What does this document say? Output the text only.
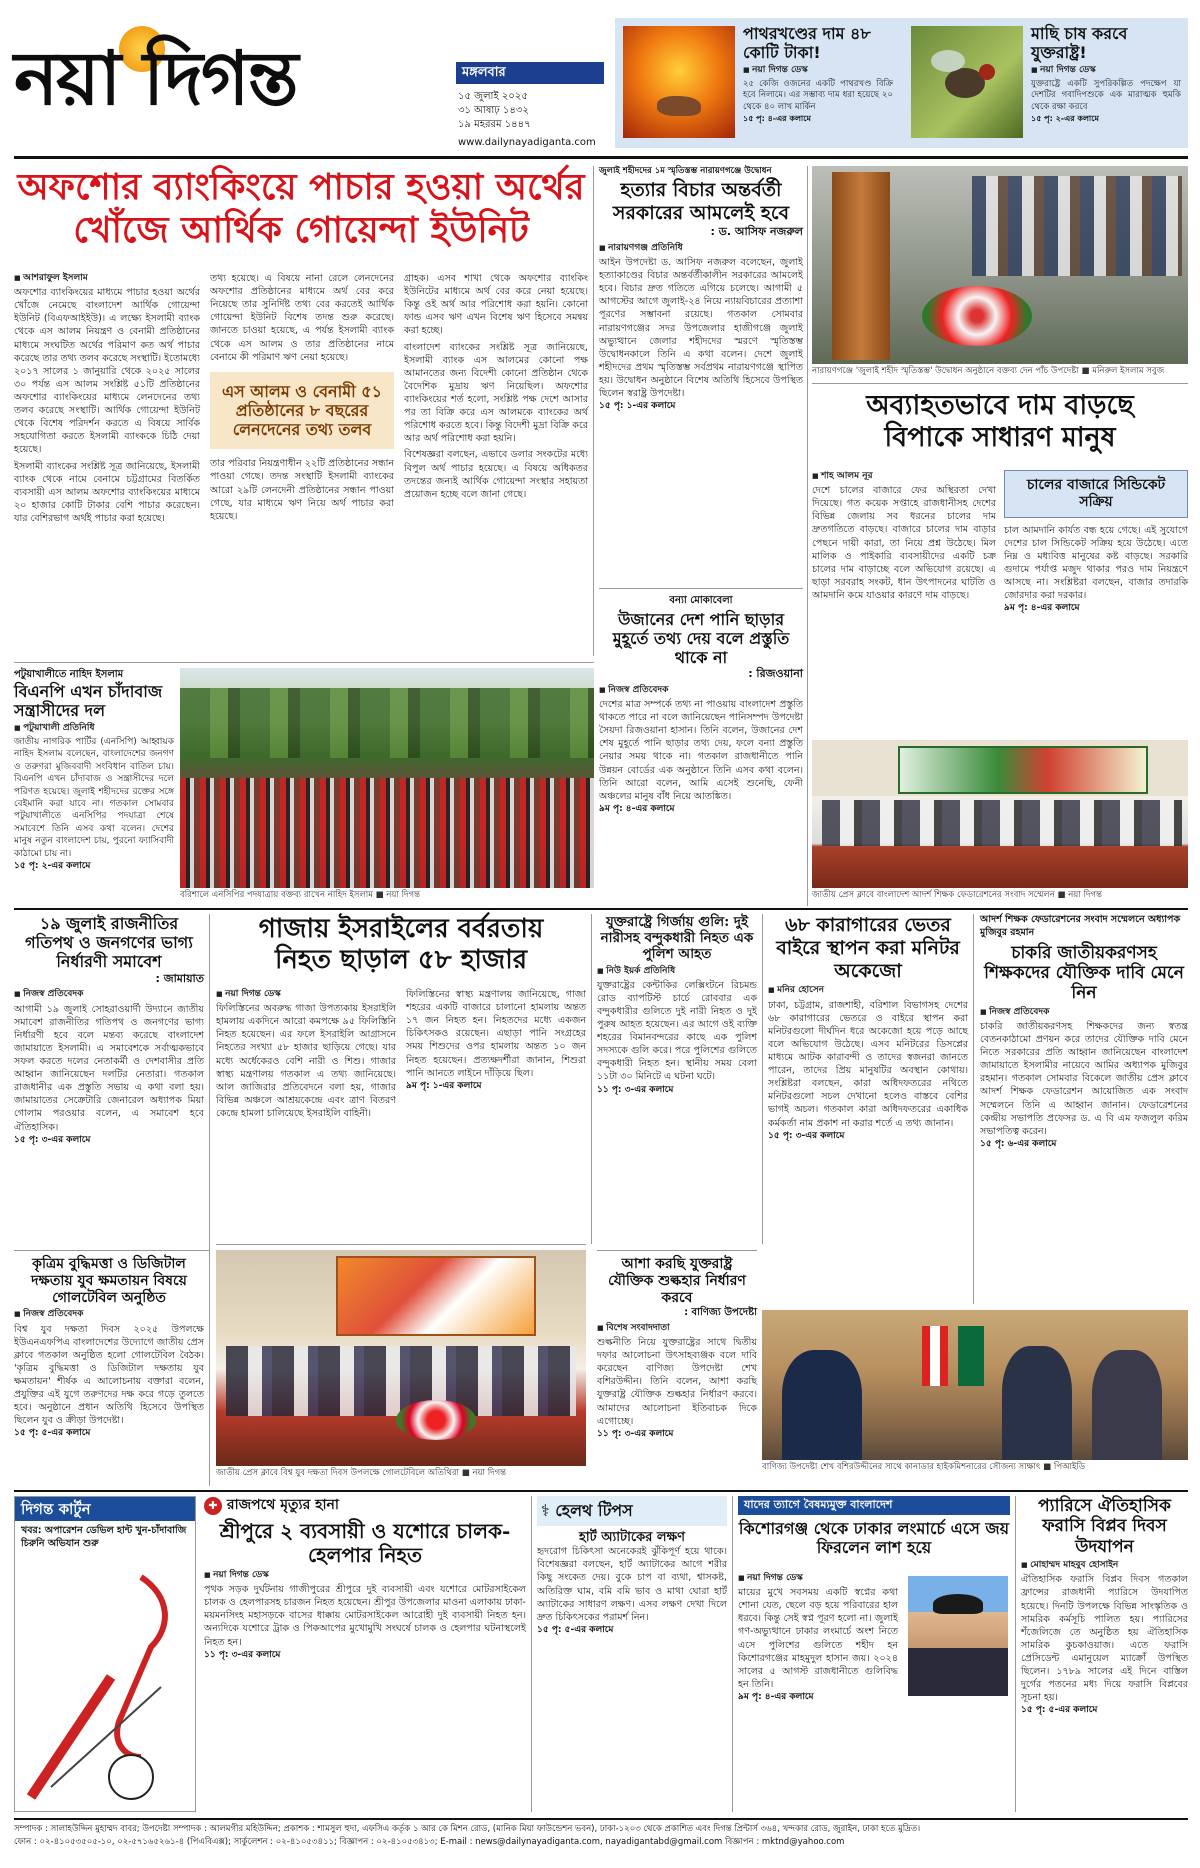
নয়া দিগন্ত	মঙ্গলবার
১৫ জুলাই ২০২৫
৩১ আষাঢ় ১৪৩২
১৯ মহররম ১৪৪৭
www.dailynayadiganta.com
পাথরখণ্ডের দাম ৪৮ কোটি টাকা!
■ নয়া দিগন্ত ডেস্ক
২৫ কেজি ওজনের একটি পাথরখণ্ড বিক্রি হবে নিলামে। এর সম্ভাব্য দাম ধরা হয়েছে ২০ থেকে ৪০ লাখ মার্কিন
১৫ পৃ: ৪-এর কলামে
মাছি চাষ করবে যুক্তরাষ্ট্র!
■ নয়া দিগন্ত ডেস্ক
যুক্তরাষ্ট্রে একটি সুপরিকল্পিত পদক্ষেপ যা দেশটির গবাদিপশুকে এক মারাত্মক হুমকি থেকে রক্ষা করবে
১৫ পৃ: ২-এর কলামে
অফশোর ব্যাংকিংয়ে পাচার হওয়া অর্থের
খোঁজে আর্থিক গোয়েন্দা ইউনিট
■ আশরাফুল ইসলাম
অফশোর ব্যাংকিংয়ের মাধ্যমে পাচার হওয়া অর্থের খোঁজে নেমেছে বাংলাদেশ আর্থিক গোয়েন্দা ইউনিট (বিএফআইইউ)। এ লক্ষ্যে ইসলামী ব্যাংক থেকে এস আলম নিয়ন্ত্রণ ও বেনামী প্রতিষ্ঠানের মাধ্যমে সংঘটিত অর্থের পরিমাণ কত অর্থ পাচার করেছে তার তথ্য তলব করেছে সংস্থাটি। ইতোমধ্যে ২০১৭ সালের ১ জানুয়ারি থেকে ২০২৫ সালের ৩০ পর্যন্ত এস আলম সংশ্লিষ্ট ৫১টি প্রতিষ্ঠানের অফশোর ব্যাংকিংয়ের মাধ্যমে লেনদেনের তথ্য তলব করেছে সংস্থাটি। আর্থিক গোয়েন্দা ইউনিট থেকে বিশেষ পরিদর্শন করতে এ বিষয়ে সার্বিক সহযোগিতা করতে ইসলামী ব্যাংককে চিঠি দেয়া হয়েছে।
ইসলামী ব্যাংকের সংশ্লিষ্ট সূত্র জানিয়েছে, ইসলামী ব্যাংক থেকে নামে বেনামে চট্টগ্রামের বিতর্কিত ব্যবসায়ী এস আলম অফশোর ব্যাংকিংয়ের মাধ্যমে ২০ হাজার কোটি টাকার বেশি পাচার করেছেন। যার বেশিরভাগ অর্থই পাচার করা হয়েছে।
তথ্য হয়েছে। এ বিষয়ে নানা রেলে লেনদেনের অফশোর প্রতিষ্ঠানের মাধ্যমে অর্থ বের করে নিয়েছে তার সুনির্দিষ্ট তথ্য বের করতেই আর্থিক গোয়েন্দা ইউনিট বিশেষ তদন্ত শুরু করেছে। জানতে চাওয়া হয়েছে, এ পর্যন্ত ইসলামী ব্যাংক থেকে এস আলম ও তার প্রতিষ্ঠানের নামে বেনামে কী পরিমাণ ঋণ নেয়া হয়েছে।
এস আলম ও বেনামী ৫১ প্রতিষ্ঠানের ৮ বছরের লেনদেনের তথ্য তলব
তার পরিবার নিয়ন্ত্রণাধীন ২২টি প্রতিষ্ঠানের সন্ধান পাওয়া গেছে। তদন্ত সংস্থাটি ইসলামী ব্যাংকের আরো ২৯টি লেনদেনী প্রতিষ্ঠানের সন্ধান পাওয়া গেছে, যার মাধ্যমে ঋণ নিয়ে অর্থ পাচার করা হয়েছে।
গ্রাহক। এসব শাখা থেকে অফশোর ব্যাংকিং ইউনিটের মাধ্যমে অর্থ বের করে নেয়া হয়েছে। কিন্তু ওই অর্থ আর পরিশোধ করা হয়নি। কোনো ফান্ড এসব ঋণ এখন বিশেষ ঋণ হিসেবে সমন্বয় করা হচ্ছে।
বাংলাদেশ ব্যাংকের সংশ্লিষ্ট সূত্র জানিয়েছে, ইসলামী ব্যাংক এস আলমের কোনো পক্ষ আমানতের জন্য বিদেশী কোনো প্রতিষ্ঠান থেকে বৈদেশিক মুদ্রায় ঋণ নিয়েছিল। অফশোর ব্যাংকিংয়ের শর্ত হলো, সংশ্লিষ্ট পক্ষ দেশে আসার পর তা বিক্রি করে এস আলমকে ব্যাংকের অর্থ পরিশোধ করতে হবে। কিন্তু বিদেশী মুদ্রা বিক্রি করে আর অর্থ পরিশোধ করা হয়নি।
বিশেষজ্ঞরা বলছেন, এভাবে ডলার সংকটের মধ্যে বিপুল অর্থ পাচার হয়েছে। এ বিষয়ে অধিকতর তদন্তের জন্যই আর্থিক গোয়েন্দা সংস্থার সহায়তা প্রয়োজন হচ্ছে বলে জানা গেছে।
জুলাই শহীদদের ১ম স্মৃতিস্তম্ভ নারায়ণগঞ্জে উদ্বোধন
হত্যার বিচার অন্তর্বর্তী সরকারের আমলেই হবে
: ড. আসিফ নজরুল
■ নারায়ণগঞ্জ প্রতিনিধি
আইন উপদেষ্টা ড. আসিফ নজরুল বলেছেন, জুলাই হত্যাকাণ্ডের বিচার অন্তর্বর্তীকালীন সরকারের আমলেই হবে। বিচার দ্রুত গতিতে এগিয়ে চলেছে। আগামী ৫ আগস্টের আগে জুলাই-২৪ নিয়ে ন্যায়বিচারের প্রত্যাশা পূরণের সম্ভাবনা রয়েছে। গতকাল সোমবার নারায়ণগঞ্জের সদর উপজেলার হাজীগঞ্জে জুলাই অভ্যুত্থানে জেলার শহীদদের স্মরণে স্মৃতিস্তম্ভ উদ্বোধনকালে তিনি এ কথা বলেন। দেশে জুলাই শহীদদের প্রথম স্মৃতিস্তম্ভ সর্বপ্রথম নারায়ণগঞ্জে স্থাপিত হয়। উদ্বোধন অনুষ্ঠানে বিশেষ অতিথি হিসেবে উপস্থিত ছিলেন স্বরাষ্ট্র উপদেষ্টা।
১৫ পৃ: ১-এর কলামে
নারায়ণগঞ্জে 'জুলাই শহীদ স্মৃতিস্তম্ভ' উদ্বোধন অনুষ্ঠানে বক্তব্য দেন পাঁচ উপদেষ্টা ■ মনিরুল ইসলাম সবুজ
অব্যাহতভাবে দাম বাড়ছে
বিপাকে সাধারণ মানুষ
■ শাহ আলম নূর
দেশে চালের বাজারে ফের অস্থিরতা দেখা দিয়েছে। গত কয়েক সপ্তাহে রাজধানীসহ দেশের বিভিন্ন জেলায় সব ধরনের চালের দাম দ্রুতগতিতে বাড়ছে। বাজারে চালের দাম বাড়ার পেছনে দায়ী কারা, তা নিয়ে প্রশ্ন উঠেছে। মিল মালিক ও পাইকারি ব্যবসায়ীদের একটি চক্র চালের দাম বাড়াচ্ছে বলে অভিযোগ রয়েছে। এ ছাড়া সরবরাহ সংকট, ধান উৎপাদনের ঘাটতি ও আমদানি কমে যাওয়ার কারণে দাম বাড়ছে।
চালের বাজারে সিন্ডিকেট সক্রিয়
চাল আমদানি কার্যত বন্ধ হয়ে গেছে। এই সুযোগে দেশের চাল সিন্ডিকেট সক্রিয় হয়ে উঠেছে। এতে নিম্ন ও মধ্যবিত্ত মানুষের কষ্ট বাড়ছে। সরকারি গুদামে পর্যাপ্ত মজুদ থাকার পরও দাম নিয়ন্ত্রণে আসছে না। সংশ্লিষ্টরা বলছেন, বাজার তদারকি জোরদার করা দরকার।
৯ম পৃ: ৪-এর কলামে
বন্যা মোকাবেলা
উজানের দেশ পানি ছাড়ার মুহূর্তে তথ্য দেয় বলে প্রস্তুতি থাকে না
: রিজওয়ানা
■ নিজস্ব প্রতিবেদক
দেশের মাত্র সম্পর্কে তথ্য না পাওয়ায় বাংলাদেশ প্রস্তুতি থাকতে পারে না বলে জানিয়েছেন পানিসম্পদ উপদেষ্টা সৈয়দা রিজওয়ানা হাসান। তিনি বলেন, উজানের দেশ শেষ মুহূর্তে পানি ছাড়ার তথ্য দেয়, ফলে বন্যা প্রস্তুতি নেয়ার সময় থাকে না। গতকাল রাজধানীতে পানি উন্নয়ন বোর্ডের এক অনুষ্ঠানে তিনি এসব কথা বলেন। তিনি আরো বলেন, আমি এসেই শুনেছি, ফেনী অঞ্চলের মানুষ বাঁধ নিয়ে আতঙ্কিত।
৯ম পৃ: ৪-এর কলামে
পটুয়াখালীতে নাহিদ ইসলাম
বিএনপি এখন চাঁদাবাজ সন্ত্রাসীদের দল
■ পটুয়াখালী প্রতিনিধি
জাতীয় নাগরিক পার্টির (এনসিপি) আহ্বায়ক নাহিদ ইসলাম বলেছেন, বাংলাদেশের জনগণ ও তরুণরা মুজিববাদী সংবিধান বাতিল চায়। বিএনপি এখন চাঁদাবাজ ও সন্ত্রাসীদের দলে পরিণত হয়েছে। জুলাই শহীদদের রক্তের সঙ্গে বেইমানি করা যাবে না। গতকাল সোমবার পটুয়াখালীতে এনসিপির পদযাত্রা শেষে সমাবেশে তিনি এসব কথা বলেন। দেশের মানুষ নতুন বাংলাদেশ চায়, পুরনো ফ্যাসিবাদী কাঠামো চায় না।
১৫ পৃ: ২-এর কলামে
বরিশালে এনসিপির পদযাত্রায় বক্তব্য রাখেন নাহিদ ইসলাম ■ নয়া দিগন্ত	জাতীয় প্রেস ক্লাবে বাংলাদেশ আদর্শ শিক্ষক ফেডারেশনের সংবাদ সম্মেলন ■ নয়া দিগন্ত
১৯ জুলাই রাজনীতির গতিপথ ও জনগণের ভাগ্য নির্ধারণী সমাবেশ
: জামায়াত
■ নিজস্ব প্রতিবেদক
আগামী ১৯ জুলাই সোহরাওয়ার্দী উদ্যানে জাতীয় সমাবেশ রাজনীতির গতিপথ ও জনগণের ভাগ্য নির্ধারণী হবে বলে মন্তব্য করেছে বাংলাদেশ জামায়াতে ইসলামী। এ সমাবেশকে সর্বাত্মকভাবে সফল করতে দলের নেতাকর্মী ও দেশবাসীর প্রতি আহ্বান জানিয়েছেন দলটির নেতারা। গতকাল রাজধানীর এক প্রস্তুতি সভায় এ কথা বলা হয়। জামায়াতের সেক্রেটারি জেনারেল অধ্যাপক মিয়া গোলাম পরওয়ার বলেন, এ সমাবেশ হবে ঐতিহাসিক।
১৫ পৃ: ৩-এর কলামে
গাজায় ইসরাইলের বর্বরতায়
নিহত ছাড়াল ৫৮ হাজার
■ নয়া দিগন্ত ডেস্ক
ফিলিস্তিনের অবরুদ্ধ গাজা উপত্যকায় ইসরাইলি হামলায় একদিনে আরো কমপক্ষে ৯৫ ফিলিস্তিনি নিহত হয়েছেন। এর ফলে ইসরাইলি আগ্রাসনে নিহতের সংখ্যা ৫৮ হাজার ছাড়িয়ে গেছে। যার মধ্যে অর্ধেকেরও বেশি নারী ও শিশু। গাজার স্বাস্থ্য মন্ত্রণালয় গতকাল এ তথ্য জানিয়েছে। আল জাজিরার প্রতিবেদনে বলা হয়, গাজার বিভিন্ন অঞ্চলে আশ্রয়কেন্দ্রে এবং ত্রাণ বিতরণ কেন্দ্রে হামলা চালিয়েছে ইসরাইলি বাহিনী।
ফিলিস্তিনের স্বাস্থ্য মন্ত্রণালয় জানিয়েছে, গাজা শহরের একটি বাজারে চালানো হামলায় অন্তত ১৭ জন নিহত হন। নিহতদের মধ্যে একজন চিকিৎসকও রয়েছেন। এছাড়া পানি সংগ্রহের সময় শিশুদের ওপর হামলায় অন্তত ১০ জন নিহত হয়েছেন। প্রত্যক্ষদর্শীরা জানান, শিশুরা পানি আনতে লাইনে দাঁড়িয়ে ছিল।
৯ম পৃ: ১-এর কলামে
যুক্তরাষ্ট্রে গির্জায় গুলি: দুই নারীসহ বন্দুকধারী নিহত এক পুলিশ আহত
■ নিউ ইয়র্ক প্রতিনিধি
যুক্তরাষ্ট্রের কেন্টাকির লেক্সিংটনে রিচমন্ড রোড ব্যাপটিস্ট চার্চে রোববার এক বন্দুকধারীর গুলিতে দুই নারী নিহত ও দুই পুরুষ আহত হয়েছেন। এর আগে ওই ব্যক্তি শহরের বিমানবন্দরের কাছে এক পুলিশ সদস্যকে গুলি করে। পরে পুলিশের গুলিতে বন্দুকধারী নিহত হন। স্থানীয় সময় বেলা ১১টা ৩০ মিনিটে এ ঘটনা ঘটে।
১১ পৃ: ৩-এর কলামে
৬৮ কারাগারের ভেতর বাইরে স্থাপন করা মনিটর অকেজো
■ মনির হোসেন
ঢাকা, চট্টগ্রাম, রাজশাহী, বরিশাল বিভাগসহ দেশের ৬৮ কারাগারের ভেতরে ও বাইরে স্থাপন করা মনিটরগুলো দীর্ঘদিন ধরে অকেজো হয়ে পড়ে আছে বলে অভিযোগ উঠেছে। এসব মনিটরের ডিসপ্লের মাধ্যমে আটক কারাবন্দী ও তাদের স্বজনরা জানতে পারেন, তাদের প্রিয় মানুষটির অবস্থান কোথায়। সংশ্লিষ্টরা বলছেন, কারা অধিদফতরের নথিতে মনিটরগুলো সচল দেখানো হলেও বাস্তবে বেশির ভাগই অচল। গতকাল কারা অধিদফতরের একাধিক কর্মকর্তা নাম প্রকাশ না করার শর্তে এ তথ্য জানান।
১৫ পৃ: ৩-এর কলামে
আদর্শ শিক্ষক ফেডারেশনের সংবাদ সম্মেলনে অধ্যাপক মুজিবুর রহমান
চাকরি জাতীয়করণসহ শিক্ষকদের যৌক্তিক দাবি মেনে নিন
■ নিজস্ব প্রতিবেদক
চাকরি জাতীয়করণসহ শিক্ষকদের জন্য স্বতন্ত্র বেতনকাঠামো প্রণয়ন করে তাদের যৌক্তিক দাবি মেনে নিতে সরকারের প্রতি আহ্বান জানিয়েছেন বাংলাদেশ জামায়াতে ইসলামীর নায়েবে আমির অধ্যাপক মুজিবুর রহমান। গতকাল সোমবার বিকেলে জাতীয় প্রেস ক্লাবে আদর্শ শিক্ষক ফেডারেশন আয়োজিত এক সংবাদ সম্মেলনে তিনি এ আহ্বান জানান। ফেডারেশনের কেন্দ্রীয় সভাপতি প্রফেসর ড. এ বি এম ফজলুল করিম সভাপতিত্ব করেন।
১৫ পৃ: ৬-এর কলামে
কৃত্রিম বুদ্ধিমত্তা ও ডিজিটাল দক্ষতায় যুব ক্ষমতায়ন বিষয়ে গোলটেবিল অনুষ্ঠিত
■ নিজস্ব প্রতিবেদক
বিশ্ব যুব দক্ষতা দিবস ২০২৫ উপলক্ষে ইউএনএফপিএ বাংলাদেশের উদ্যোগে জাতীয় প্রেস ক্লাবে গতকাল অনুষ্ঠিত হলো গোলটেবিল বৈঠক। 'কৃত্রিম বুদ্ধিমত্তা ও ডিজিটাল দক্ষতায় যুব ক্ষমতায়ন' শীর্ষক এ আলোচনায় বক্তারা বলেন, প্রযুক্তির এই যুগে তরুণদের দক্ষ করে গড়ে তুলতে হবে। অনুষ্ঠানে প্রধান অতিথি হিসেবে উপস্থিত ছিলেন যুব ও ক্রীড়া উপদেষ্টা।
১৫ পৃ: ৫-এর কলামে
জাতীয় প্রেস ক্লাবে বিশ্ব যুব দক্ষতা দিবস উপলক্ষে গোলটেবিলে অতিথিরা ■ নয়া দিগন্ত
আশা করছি যুক্তরাষ্ট্র যৌক্তিক শুল্কহার নির্ধারণ করবে
: বাণিজ্য উপদেষ্টা
■ বিশেষ সংবাদদাতা
শুল্কনীতি নিয়ে যুক্তরাষ্ট্রের সাথে দ্বিতীয় দফার আলোচনা উৎসাহব্যঞ্জক বলে দাবি করেছেন বাণিজ্য উপদেষ্টা শেখ বশিরউদ্দীন। তিনি বলেন, আশা করছি যুক্তরাষ্ট্র যৌক্তিক শুল্কহার নির্ধারণ করবে। আমাদের আলোচনা ইতিবাচক দিকে এগোচ্ছে।
১১ পৃ: ৩-এর কলামে
বাণিজ্য উপদেষ্টা শেখ বশিরউদ্দীনের সাথে কানাডার হাইকমিশনারের সৌজন্য সাক্ষাৎ ■ পিআইডি
দিগন্ত কার্টুন
খবর: অপারেশন ডেভিল হান্ট খুন-চাঁদাবাজি চিরুনি অভিযান শুরু
✚ রাজপথে মৃত্যুর হানা
শ্রীপুরে ২ ব্যবসায়ী ও যশোরে চালক-হেলপার নিহত
■ নয়া দিগন্ত ডেস্ক
পৃথক সড়ক দুর্ঘটনায় গাজীপুরের শ্রীপুরে দুই ব্যবসায়ী এবং যশোরে মোটরসাইকেল চালক ও হেলপারসহ চারজন নিহত হয়েছেন। শ্রীপুর উপজেলার মাওনা এলাকায় ঢাকা-ময়মনসিংহ মহাসড়কে বাসের ধাক্কায় মোটরসাইকেল আরোহী দুই ব্যবসায়ী নিহত হন। অন্যদিকে যশোরে ট্রাক ও পিকআপের মুখোমুখি সংঘর্ষে চালক ও হেলপার ঘটনাস্থলেই নিহত হন।
১১ পৃ: ৩-এর কলামে
⚕ হেলথ টিপস
হার্ট অ্যাটাকের লক্ষণ
হৃদরোগ চিকিৎসা অনেকেরই ঝুঁকিপূর্ণ হয়ে থাকে। বিশেষজ্ঞরা বলছেন, হার্ট অ্যাটাকের আগে শরীর কিছু সংকেত দেয়। বুকে চাপ বা ব্যথা, শ্বাসকষ্ট, অতিরিক্ত ঘাম, বমি বমি ভাব ও মাথা ঘোরা হার্ট অ্যাটাকের সাধারণ লক্ষণ। এসব লক্ষণ দেখা দিলে দ্রুত চিকিৎসকের পরামর্শ নিন।
১৫ পৃ: ৫-এর কলামে
যাদের ত্যাগে বৈষম্যমুক্ত বাংলাদেশ
কিশোরগঞ্জ থেকে ঢাকার লংমার্চে এসে জয় ফিরলেন লাশ হয়ে
■ নয়া দিগন্ত ডেস্ক
মায়ের মুখে সবসময় একটি স্বপ্নের কথা শোনা যেত, ছেলে বড় হয়ে পরিবারের হাল ধরবে। কিন্তু সেই স্বপ্ন পূরণ হলো না। জুলাই গণ-অভ্যুত্থানে ঢাকার লংমার্চে অংশ নিতে এসে পুলিশের গুলিতে শহীদ হন কিশোরগঞ্জের মাহমুদুল হাসান জয়। ২০২৪ সালের ৫ আগস্ট রাজধানীতে গুলিবিদ্ধ হন তিনি।
৯ম পৃ: ৪-এর কলামে
প্যারিসে ঐতিহাসিক ফরাসি বিপ্লব দিবস উদযাপন
■ মোহাম্মদ মাহবুব হোসাইন
ঐতিহাসিক ফরাসি বিপ্লব দিবস গতকাল ফ্রান্সের রাজধানী প্যারিসে উদযাপিত হয়েছে। দিনটি উপলক্ষে বিভিন্ন সাংস্কৃতিক ও সামরিক কর্মসূচি পালিত হয়। প্যারিসের শঁজেলিজে তে অনুষ্ঠিত হয় ঐতিহাসিক সামরিক কুচকাওয়াজ। এতে ফরাসি প্রেসিডেন্ট এমানুয়েল ম্যাক্রোঁ উপস্থিত ছিলেন। ১৭৮৯ সালের এই দিনে বাস্তিল দুর্গের পতনের মধ্য দিয়ে ফরাসি বিপ্লবের সূচনা হয়।
১৫ পৃ: ৫-এর কলামে
সম্পাদক : সালাহউদ্দিন মুহাম্মদ বাবর; উপদেষ্টা সম্পাদক : আলমগীর মহিউদ্দিন; প্রকাশক : শামসুল হুদা, এফসিএ কর্তৃক ১ আর কে মিশন রোড, (মানিক মিয়া ফাউন্ডেশন ভবন), ঢাকা-১২০৩ থেকে প্রকাশিত এবং দিগন্ত প্রিন্টার্স ৩৬৪, খন্দকার রোড, জুরাইন, ঢাকা হতে মুদ্রিত।
ফোন : ০২-৪১০৫৩৫০৫-১০, ০২-৫৭১৬৫২৬১-৪ (পিএবিএক্স); সার্কুলেশন : ০২-৪১০৫৩৪১১; বিজ্ঞাপন : ০২-৪১০৫৩৪১৩; E-mail : news@dailynayadiganta.com, nayadigantabd@gmail.com বিজ্ঞাপন : mktnd@yahoo.com
